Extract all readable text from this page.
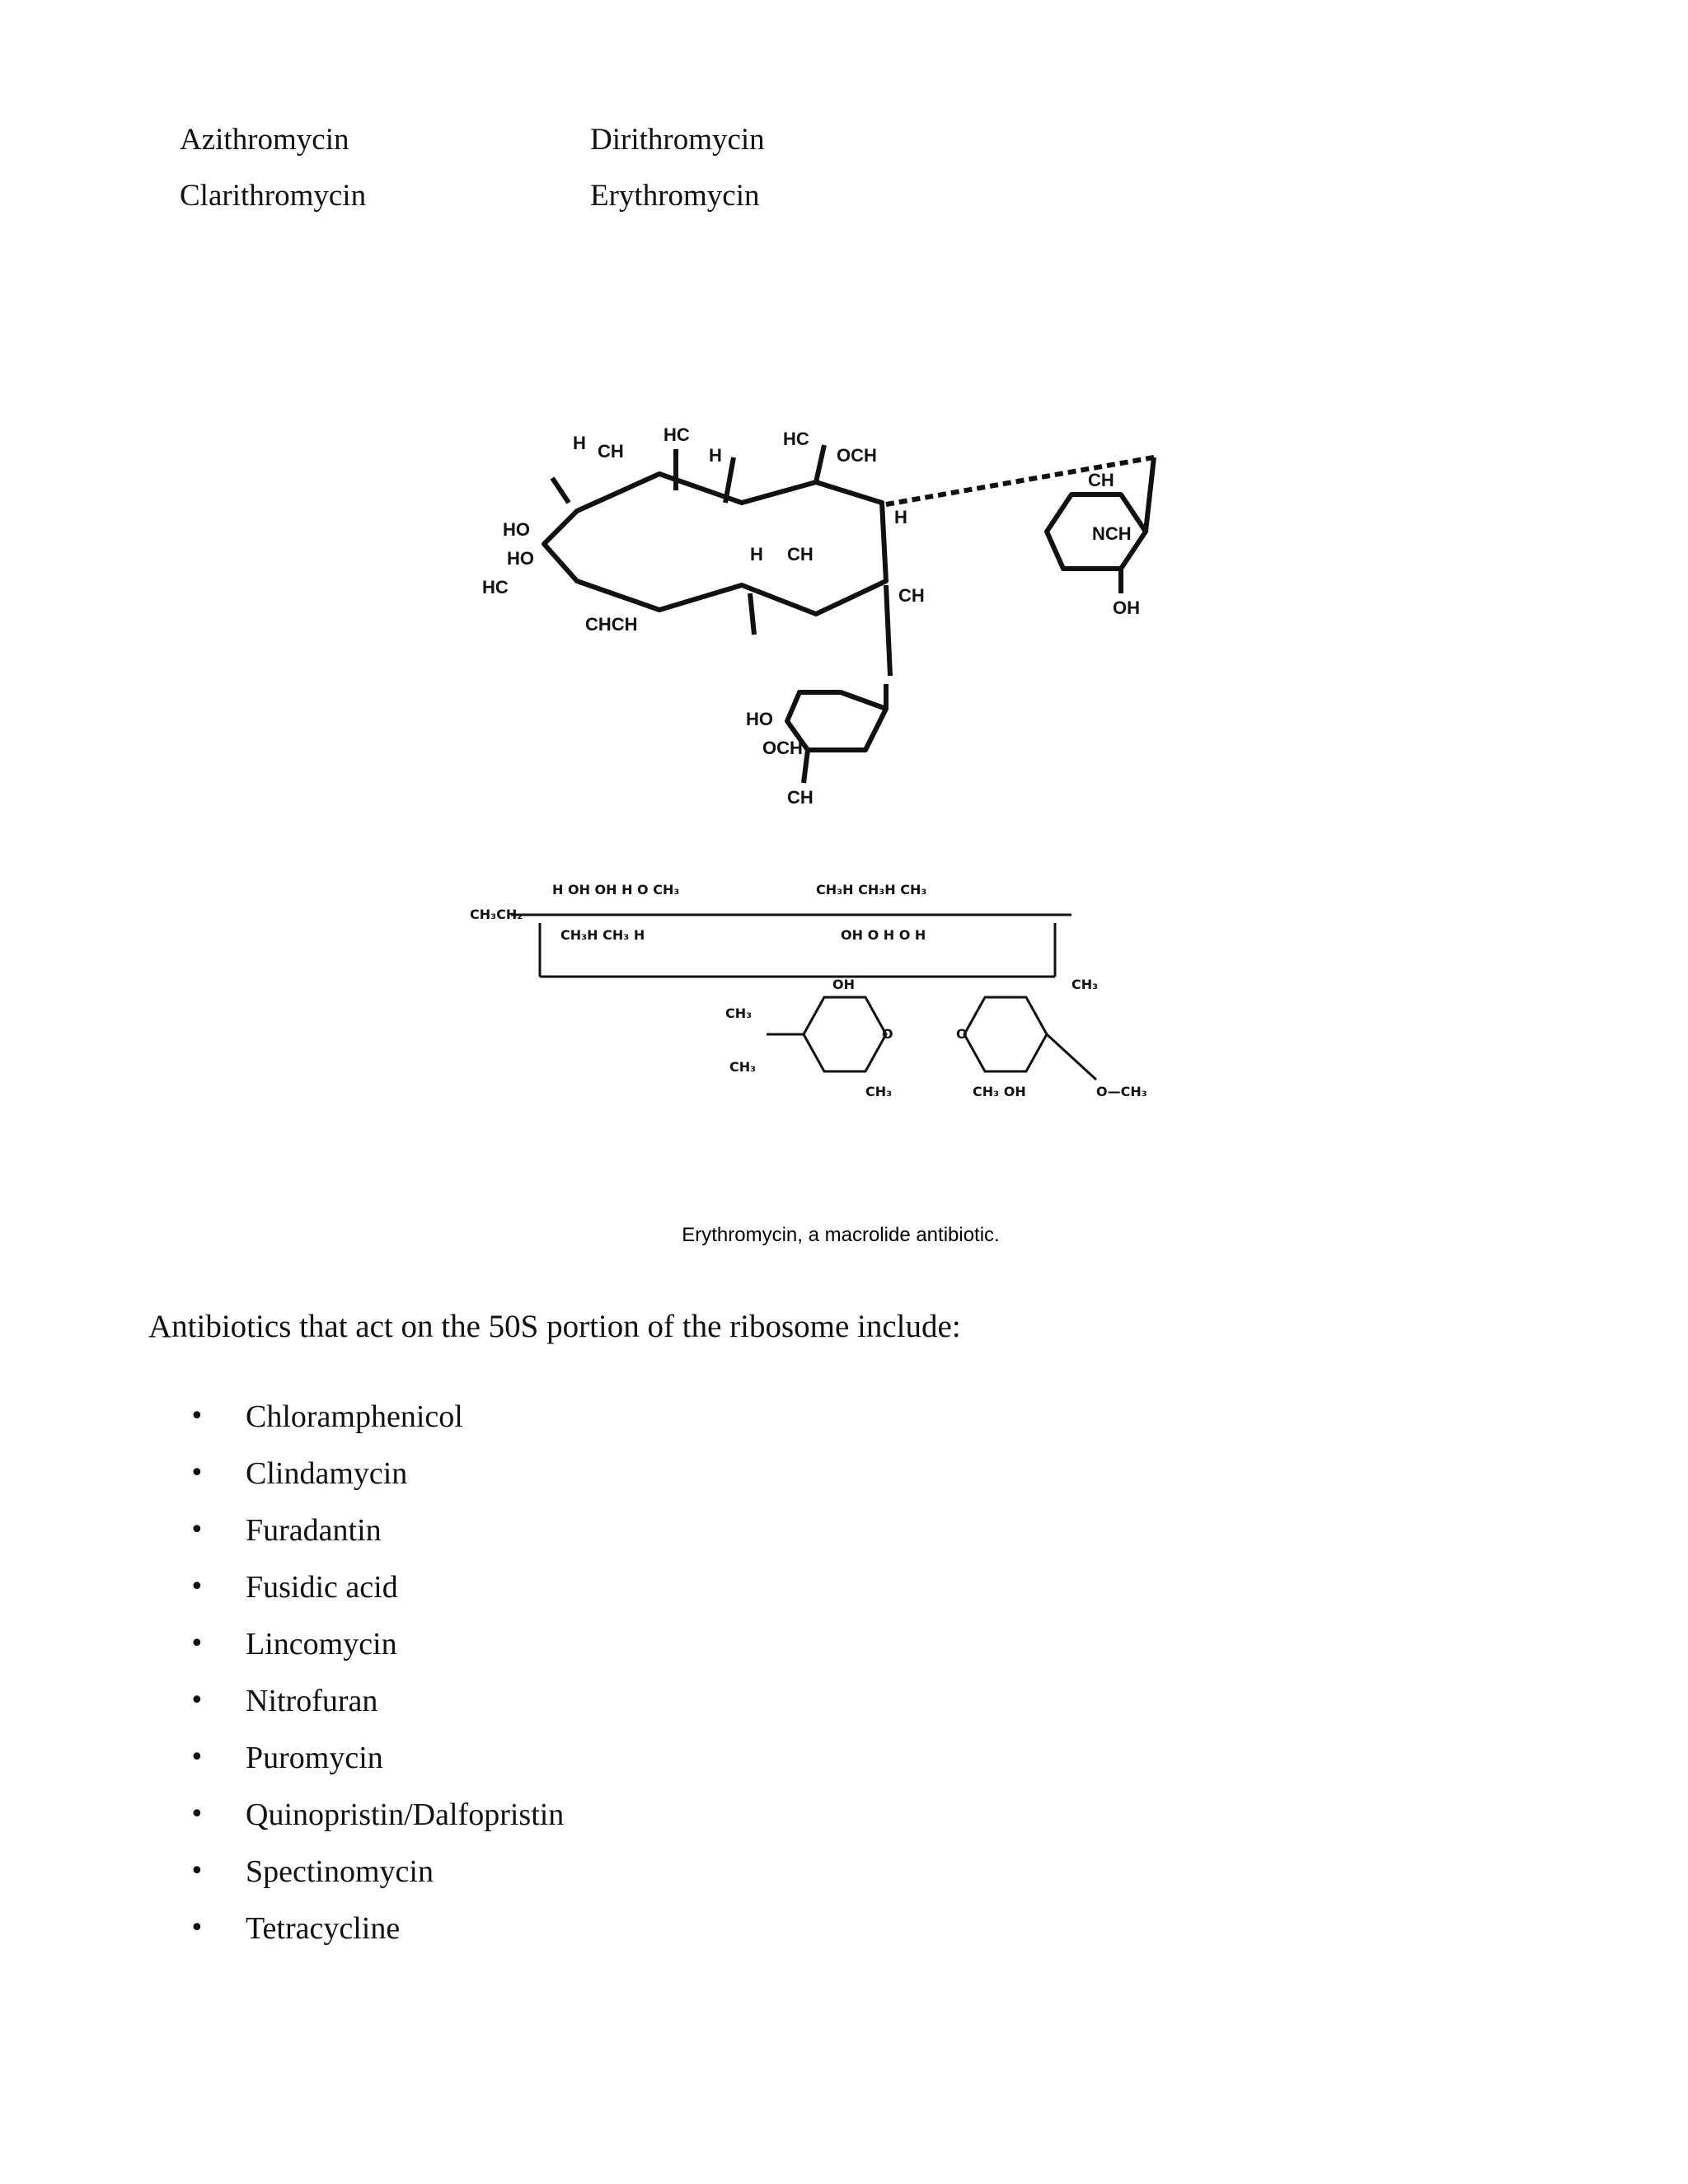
Azithromycin	Dirithromycin
Clarithromycin	Erythromycin
H CH
HC
H
HC
OCH
HO
HO
HC
CHCH
H CH
H
CH
CH
NCH
OH
HO
OCH
CH
CH₃CH₂
H OH OH H O CH₃	CH₃H CH₃H CH₃
CH₃H CH₃ H	OH O H O H
CH₃
CH₃
OH
O	O
CH₃	CH₃ OH
CH₃
O—CH₃
Erythromycin, a macrolide antibiotic.
Antibiotics that act on the 50S portion of the ribosome include:
•	Chloramphenicol
•	Clindamycin
•	Furadantin
•	Fusidic acid
•	Lincomycin
•	Nitrofuran
•	Puromycin
•	Quinopristin/Dalfopristin
•	Spectinomycin
•	Tetracycline
